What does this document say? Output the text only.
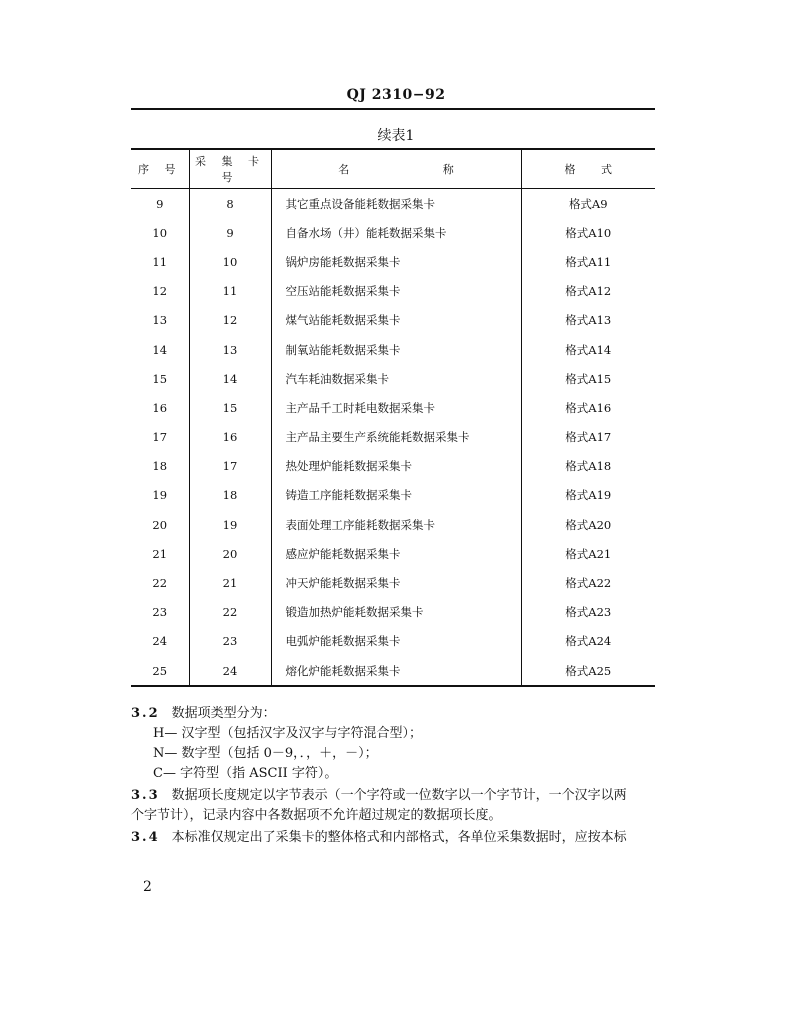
QJ 2310−92
续表1
序 号	采 集 卡 号	名 称	格 式
9	8	其它重点设备能耗数据采集卡	格式A9
10	9	自备水场（井）能耗数据采集卡	格式A10
11	10	锅炉房能耗数据采集卡	格式A11
12	11	空压站能耗数据采集卡	格式A12
13	12	煤气站能耗数据采集卡	格式A13
14	13	制氧站能耗数据采集卡	格式A14
15	14	汽车耗油数据采集卡	格式A15
16	15	主产品千工时耗电数据采集卡	格式A16
17	16	主产品主要生产系统能耗数据采集卡	格式A17
18	17	热处理炉能耗数据采集卡	格式A18
19	18	铸造工序能耗数据采集卡	格式A19
20	19	表面处理工序能耗数据采集卡	格式A20
21	20	感应炉能耗数据采集卡	格式A21
22	21	冲天炉能耗数据采集卡	格式A22
23	22	锻造加热炉能耗数据采集卡	格式A23
24	23	电弧炉能耗数据采集卡	格式A24
25	24	熔化炉能耗数据采集卡	格式A25
3.2 数据项类型分为：
H— 汉字型（包括汉字及汉字与字符混合型）；
N— 数字型（包括 0－9，．，＋，－）；
C— 字符型（指 ASCII 字符）。
3.3 数据项长度规定以字节表示（一个字符或一位数字以一个字节计，一个汉字以两
个字节计），记录内容中各数据项不允许超过规定的数据项长度。
3.4 本标准仅规定出了采集卡的整体格式和内部格式，各单位采集数据时，应按本标
2
